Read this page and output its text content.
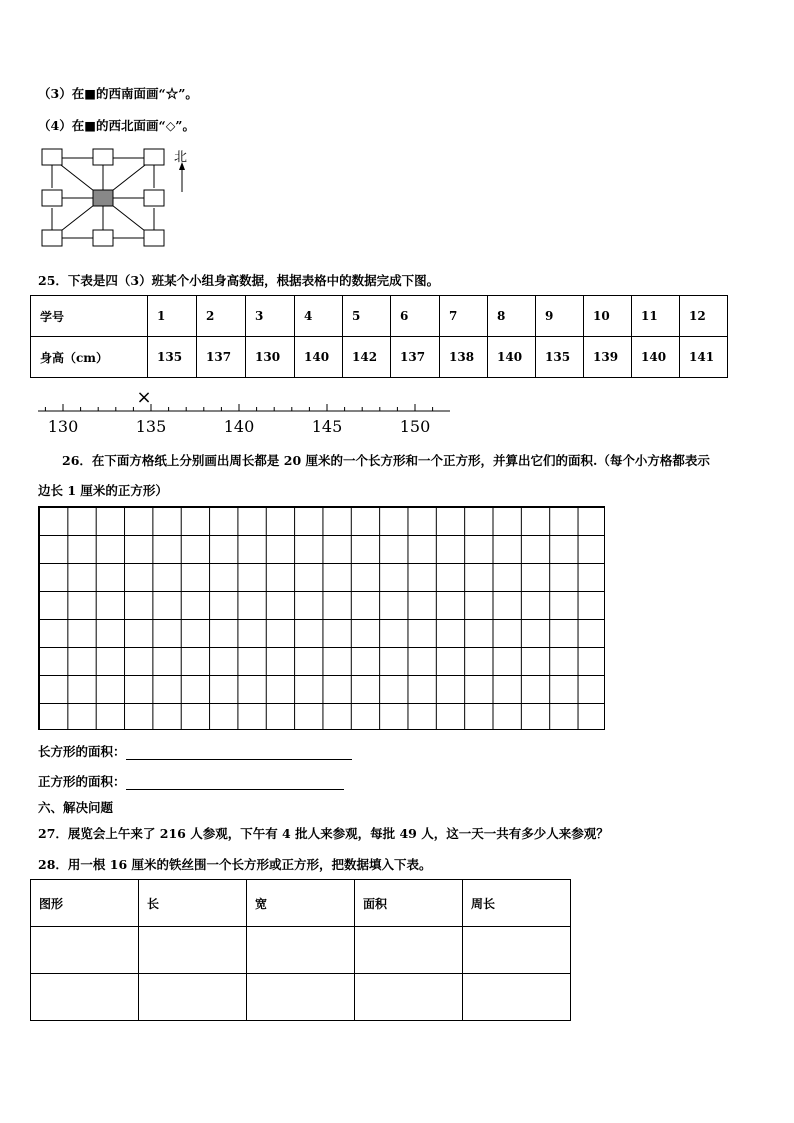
（3）在■的西南面画“☆”。
（4）在■的西北面画“◇”。
北
25．下表是四（3）班某个小组身高数据，根据表格中的数据完成下图。
学号	1	2	3	4	5	6	7	8	9	10	11	12
身高（cm）	135	137	130	140	142	137	138	140	135	139	140	141
×
130	135	140	145	150
26．在下面方格纸上分别画出周长都是 20 厘米的一个长方形和一个正方形，并算出它们的面积.（每个小方格都表示
边长 1 厘米的正方形）
长方形的面积：
正方形的面积：
六、解决问题
27．展览会上午来了 216 人参观，下午有 4 批人来参观，每批 49 人，这一天一共有多少人来参观？
28．用一根 16 厘米的铁丝围一个长方形或正方形，把数据填入下表。
图形	长	宽	面积	周长
